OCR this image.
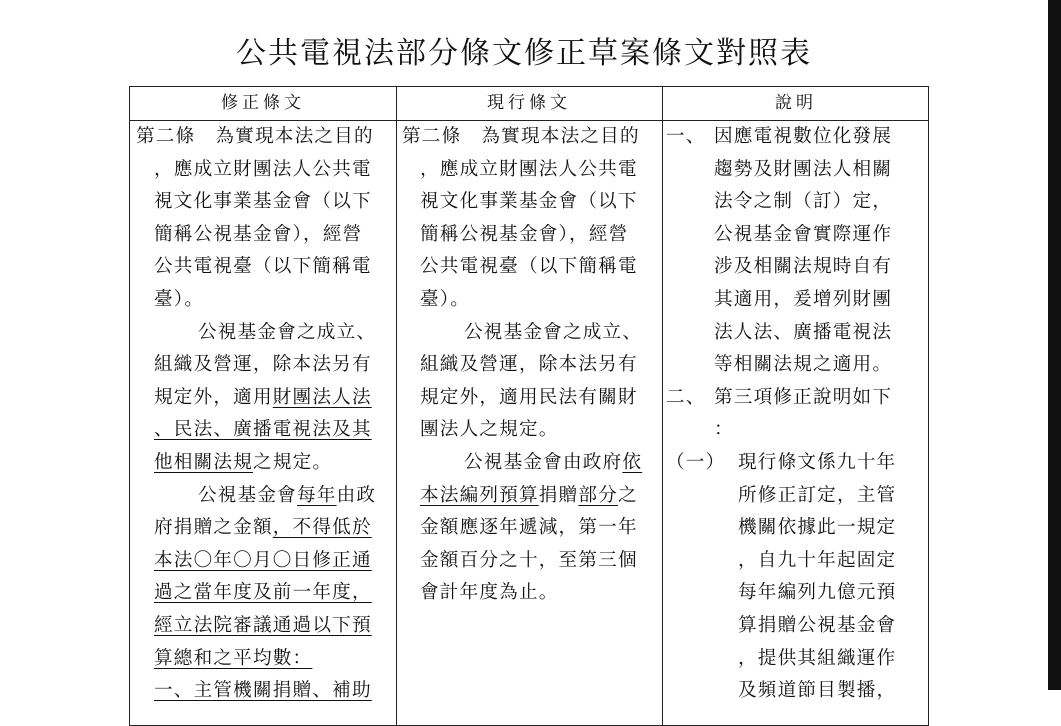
公共電視法部分條文修正草案條文對照表
修正條文	現行條文	說明
第二條 為實現本法之目的
，應成立財團法人公共電
視文化事業基金會（以下
簡稱公視基金會），經營
公共電視臺（以下簡稱電
臺）。
公視基金會之成立、
組織及營運，除本法另有
規定外，適用財團法人法
、民法、廣播電視法及其
他相關法規之規定。
公視基金會每年由政
府捐贈之金額，不得低於
本法〇年〇月〇日修正通
過之當年度及前一年度，
經立法院審議通過以下預
算總和之平均數：
一、主管機關捐贈、補助
第二條 為實現本法之目的
，應成立財團法人公共電
視文化事業基金會（以下
簡稱公視基金會），經營
公共電視臺（以下簡稱電
臺）。
公視基金會之成立、
組織及營運，除本法另有
規定外，適用民法有關財
團法人之規定。
公視基金會由政府依
本法編列預算捐贈部分之
金額應逐年遞減，第一年
金額百分之十，至第三個
會計年度為止。
一、 因應電視數位化發展
趨勢及財團法人相關
法令之制（訂）定，
公視基金會實際運作
涉及相關法規時自有
其適用，爰增列財團
法人法、廣播電視法
等相關法規之適用。
二、 第三項修正說明如下
：
（一） 現行條文係九十年
所修正訂定，主管
機關依據此一規定
，自九十年起固定
每年編列九億元預
算捐贈公視基金會
，提供其組織運作
及頻道節目製播，
